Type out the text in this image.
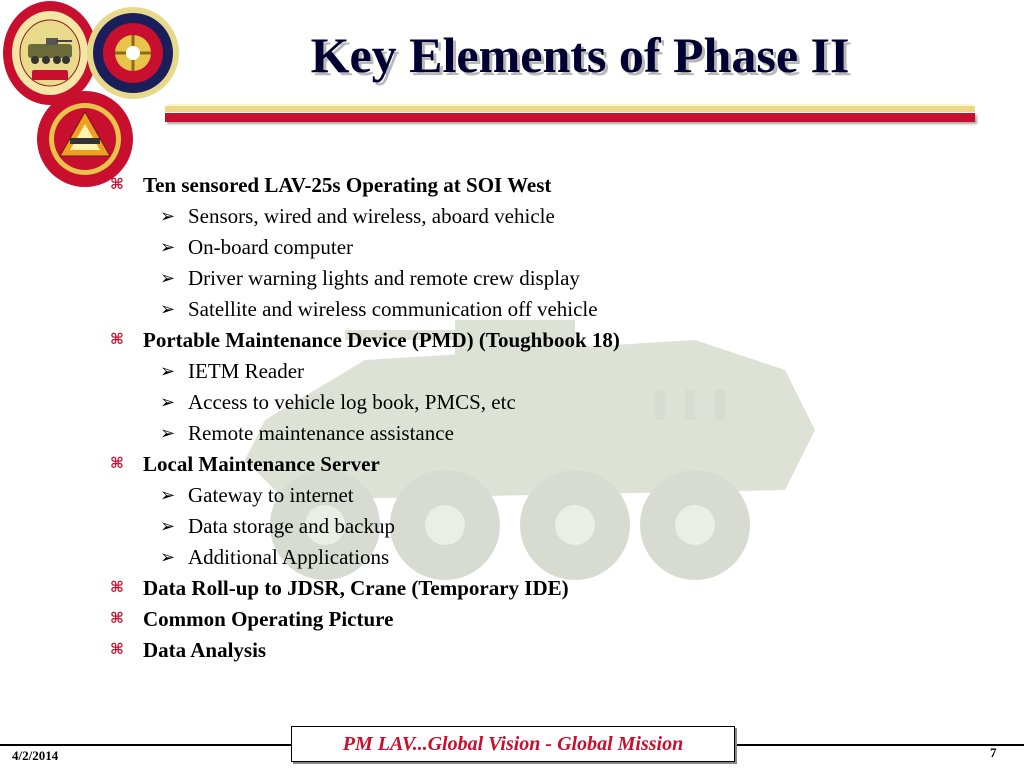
Key Elements of Phase II
⌘ Ten sensored LAV-25s Operating at SOI West
➢ Sensors, wired and wireless, aboard vehicle
➢ On-board computer
➢ Driver warning lights and remote crew display
➢ Satellite and wireless communication off vehicle
⌘ Portable Maintenance Device (PMD) (Toughbook 18)
➢ IETM Reader
➢ Access to vehicle log book, PMCS, etc
➢ Remote maintenance assistance
⌘ Local Maintenance Server
➢ Gateway to internet
➢ Data storage and backup
➢ Additional Applications
⌘ Data Roll-up to JDSR, Crane (Temporary IDE)
⌘ Common Operating Picture
⌘ Data Analysis
PM LAV...Global Vision - Global Mission
4/2/2014	7
